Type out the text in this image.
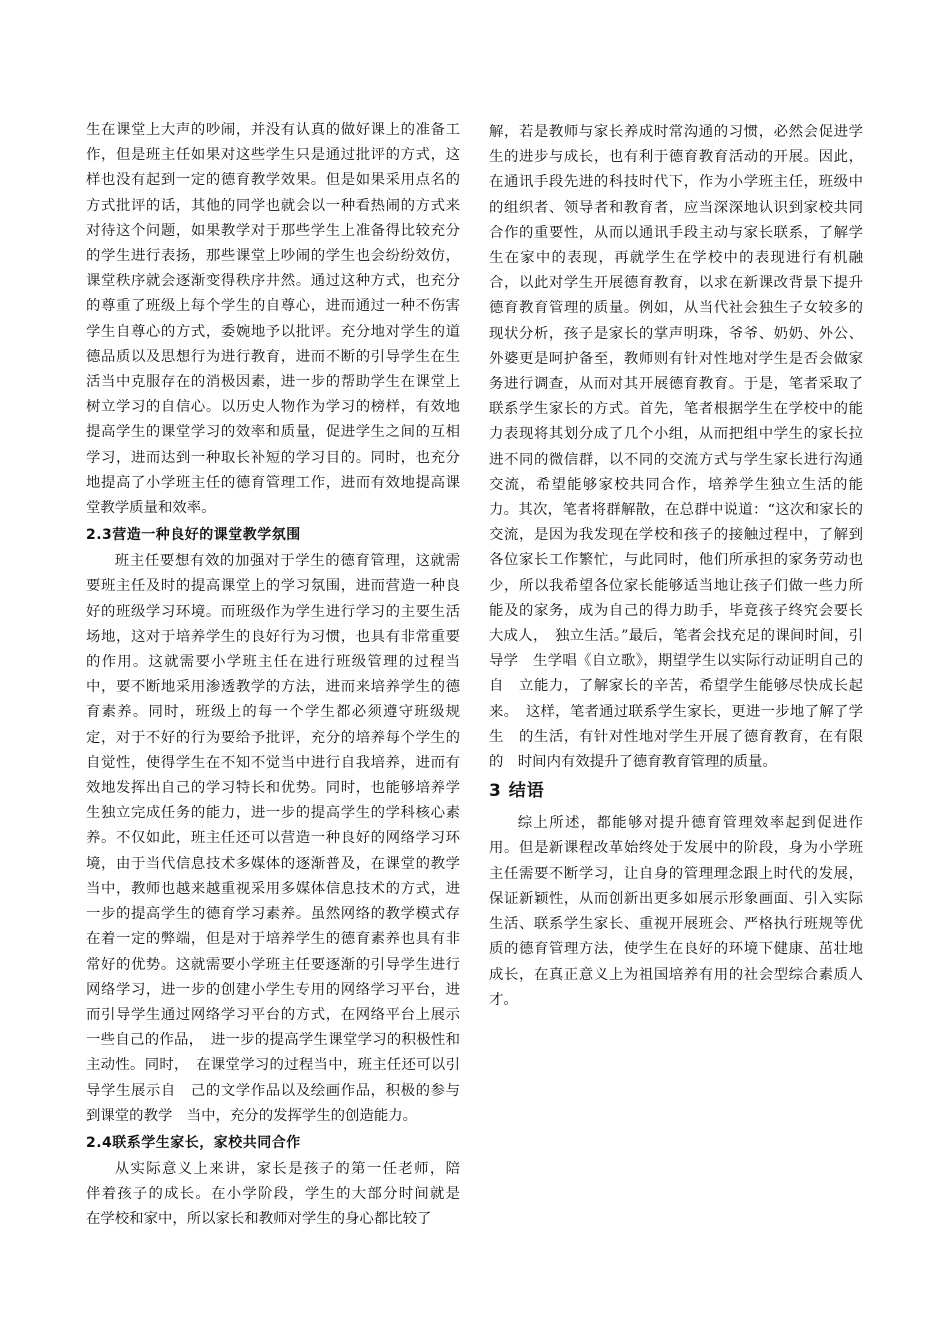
生在课堂上大声的吵闹，并没有认真的做好课上的准备工作，但是班主任如果对这些学生只是通过批评的方式，这样也没有起到一定的德育教学效果。但是如果采用点名的方式批评的话，其他的同学也就会以一种看热闹的方式来对待这个问题，如果教学对于那些学生上准备得比较充分的学生进行表扬，那些课堂上吵闹的学生也会纷纷效仿，课堂秩序就会逐渐变得秩序井然。通过这种方式，也充分的尊重了班级上每个学生的自尊心，进而通过一种不伤害学生自尊心的方式，委婉地予以批评。充分地对学生的道德品质以及思想行为进行教育，进而不断的引导学生在生活当中克服存在的消极因素，进一步的帮助学生在课堂上树立学习的自信心。以历史人物作为学习的榜样，有效地提高学生的课堂学习的效率和质量，促进学生之间的互相学习，进而达到一种取长补短的学习目的。同时，也充分地提高了小学班主任的德育管理工作，进而有效地提高课堂教学质量和效率。

2.3营造一种良好的课堂教学氛围

班主任要想有效的加强对于学生的德育管理，这就需要班主任及时的提高课堂上的学习氛围，进而营造一种良好的班级学习环境。而班级作为学生进行学习的主要生活场地，这对于培养学生的良好行为习惯，也具有非常重要的作用。这就需要小学班主任在进行班级管理的过程当中，要不断地采用渗透教学的方法，进而来培养学生的德育素养。同时，班级上的每一个学生都必须遵守班级规定，对于不好的行为要给予批评，充分的培养每个学生的自觉性，使得学生在不知不觉当中进行自我培养，进而有效地发挥出自己的学习特长和优势。同时，也能够培养学生独立完成任务的能力，进一步的提高学生的学科核心素养。不仅如此，班主任还可以营造一种良好的网络学习环境，由于当代信息技术多媒体的逐渐普及，在课堂的教学当中，教师也越来越重视采用多媒体信息技术的方式，进一步的提高学生的德育学习素养。虽然网络的教学模式存在着一定的弊端，但是对于培养学生的德育素养也具有非常好的优势。这就需要小学班主任要逐渐的引导学生进行网络学习，进一步的创建小学生专用的网络学习平台，进而引导学生通过网络学习平台的方式，在网络平台上展示一些自己的作品，　进一步的提高学生课堂学习的积极性和主动性。同时，　在课堂学习的过程当中，班主任还可以引导学生展示自　己的文学作品以及绘画作品，积极的参与到课堂的教学　当中，充分的发挥学生的创造能力。

2.4联系学生家长，家校共同合作

从实际意义上来讲，家长是孩子的第一任老师，陪　伴着孩子的成长。在小学阶段，学生的大部分时间就是　在学校和家中，所以家长和教师对学生的身心都比较了

解，若是教师与家长养成时常沟通的习惯，必然会促进学生的进步与成长，也有利于德育教育活动的开展。因此，在通讯手段先进的科技时代下，作为小学班主任，班级中的组织者、领导者和教育者，应当深深地认识到家校共同合作的重要性，从而以通讯手段主动与家长联系，了解学生在家中的表现，再就学生在学校中的表现进行有机融合，以此对学生开展德育教育，以求在新课改背景下提升德育教育管理的质量。例如，从当代社会独生子女较多的现状分析，孩子是家长的掌声明珠，爷爷、奶奶、外公、外婆更是呵护备至，教师则有针对性地对学生是否会做家务进行调查，从而对其开展德育教育。于是，笔者采取了联系学生家长的方式。首先，笔者根据学生在学校中的能力表现将其划分成了几个小组，从而把组中学生的家长拉进不同的微信群，以不同的交流方式与学生家长进行沟通交流，希望能够家校共同合作，培养学生独立生活的能力。其次，笔者将群解散，在总群中说道：“这次和家长的交流，是因为我发现在学校和孩子的接触过程中，了解到各位家长工作繁忙，与此同时，他们所承担的家务劳动也少，所以我希望各位家长能够适当地让孩子们做一些力所能及的家务，成为自己的得力助手，毕竟孩子终究会要长大成人，　独立生活。”最后，笔者会找充足的课间时间，引导学　生学唱《自立歌》，期望学生以实际行动证明自己的自　立能力，了解家长的辛苦，希望学生能够尽快成长起来。　这样，笔者通过联系学生家长，更进一步地了解了学生　的生活，有针对性地对学生开展了德育教育，在有限的　时间内有效提升了德育教育管理的质量。

3 结语

综上所述，都能够对提升德育管理效率起到促进作用。但是新课程改革始终处于发展中的阶段，身为小学班主任需要不断学习，让自身的管理理念跟上时代的发展，保证新颖性，从而创新出更多如展示形象画面、引入实际生活、联系学生家长、重视开展班会、严格执行班规等优质的德育管理方法，使学生在良好的环境下健康、茁壮地成长，在真正意义上为祖国培养有用的社会型综合素质人才。
